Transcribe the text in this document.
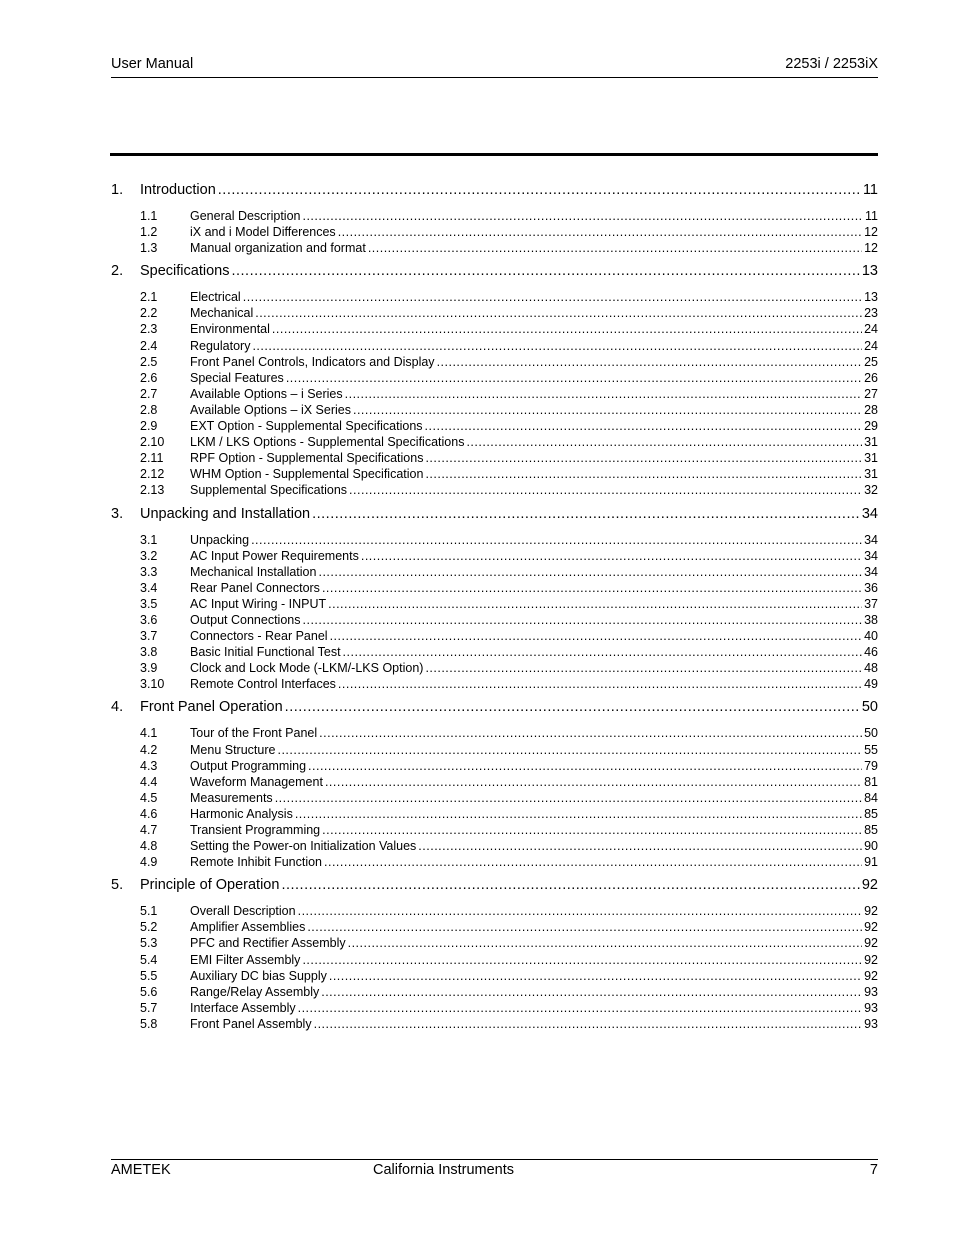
User Manual	2253i / 2253iX
1.	Introduction .....	11
1.1	General Description .....	11
1.2	iX and i Model Differences .....	12
1.3	Manual organization and format .....	12
2.	Specifications .....	13
2.1	Electrical .....	13
2.2	Mechanical .....	23
2.3	Environmental .....	24
2.4	Regulatory .....	24
2.5	Front Panel Controls, Indicators and Display .....	25
2.6	Special Features .....	26
2.7	Available Options – i Series .....	27
2.8	Available Options – iX Series .....	28
2.9	EXT Option - Supplemental Specifications .....	29
2.10	LKM / LKS Options - Supplemental Specifications .....	31
2.11	RPF Option - Supplemental Specifications .....	31
2.12	WHM Option - Supplemental Specification .....	31
2.13	Supplemental Specifications .....	32
3.	Unpacking and Installation .....	34
3.1	Unpacking .....	34
3.2	AC Input Power Requirements .....	34
3.3	Mechanical Installation .....	34
3.4	Rear Panel Connectors .....	36
3.5	AC Input Wiring - INPUT .....	37
3.6	Output Connections .....	38
3.7	Connectors - Rear Panel .....	40
3.8	Basic Initial Functional Test .....	46
3.9	Clock and Lock Mode (-LKM/-LKS Option) .....	48
3.10	Remote Control Interfaces .....	49
4.	Front Panel Operation .....	50
4.1	Tour of the Front Panel .....	50
4.2	Menu Structure .....	55
4.3	Output Programming .....	79
4.4	Waveform Management .....	81
4.5	Measurements .....	84
4.6	Harmonic Analysis .....	85
4.7	Transient Programming .....	85
4.8	Setting the Power-on Initialization Values .....	90
4.9	Remote Inhibit Function .....	91
5.	Principle of Operation .....	92
5.1	Overall Description .....	92
5.2	Amplifier Assemblies .....	92
5.3	PFC and Rectifier Assembly .....	92
5.4	EMI Filter Assembly .....	92
5.5	Auxiliary DC bias Supply .....	92
5.6	Range/Relay Assembly .....	93
5.7	Interface Assembly .....	93
5.8	Front Panel Assembly .....	93
AMETEK	California Instruments	7
